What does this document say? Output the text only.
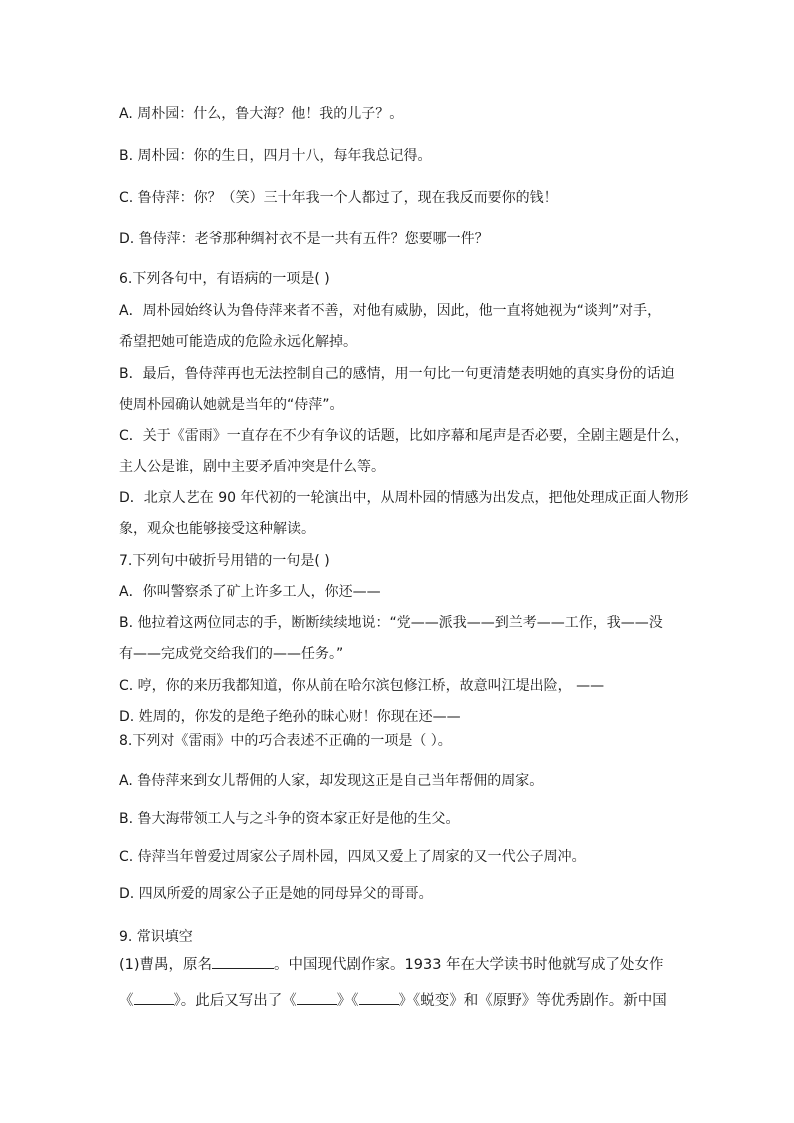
A. 周朴园：什么，鲁大海？他！我的儿子？。
B. 周朴园：你的生日，四月十八，每年我总记得。
C. 鲁侍萍：你？（笑）三十年我一个人都过了，现在我反而要你的钱！
D. 鲁侍萍：老爷那种绸衬衣不是一共有五件？您要哪一件？
6.下列各句中，有语病的一项是( )
A．周朴园始终认为鲁侍萍来者不善，对他有威胁，因此，他一直将她视为“谈判”对手，
希望把她可能造成的危险永远化解掉。
B．最后，鲁侍萍再也无法控制自己的感情，用一句比一句更清楚表明她的真实身份的话迫
使周朴园确认她就是当年的“侍萍”。
C．关于《雷雨》一直存在不少有争议的话题，比如序幕和尾声是否必要，全剧主题是什么，
主人公是谁，剧中主要矛盾冲突是什么等。
D．北京人艺在 90 年代初的一轮演出中，从周朴园的情感为出发点，把他处理成正面人物形
象，观众也能够接受这种解读。
7.下列句中破折号用错的一句是( )
A．你叫警察杀了矿上许多工人，你还——
B. 他拉着这两位同志的手，断断续续地说：“党——派我——到兰考——工作，我——没
有——完成党交给我们的——任务。”
C. 哼，你的来历我都知道，你从前在哈尔滨包修江桥，故意叫江堤出险， ——
D. 姓周的，你发的是绝子绝孙的昧心财！你现在还——
8.下列对《雷雨》中的巧合表述不正确的一项是（ ）。
A. 鲁侍萍来到女儿帮佣的人家，却发现这正是自己当年帮佣的周家。
B. 鲁大海带领工人与之斗争的资本家正好是他的生父。
C. 侍萍当年曾爱过周家公子周朴园，四凤又爱上了周家的又一代公子周冲。
D. 四凤所爱的周家公子正是她的同母异父的哥哥。
9. 常识填空
(1)曹禺，原名	。中国现代剧作家。1933 年在大学读书时他就写成了处女作
《	》。此后又写出了《	》《	》《蜕变》和《原野》等优秀剧作。新中国
